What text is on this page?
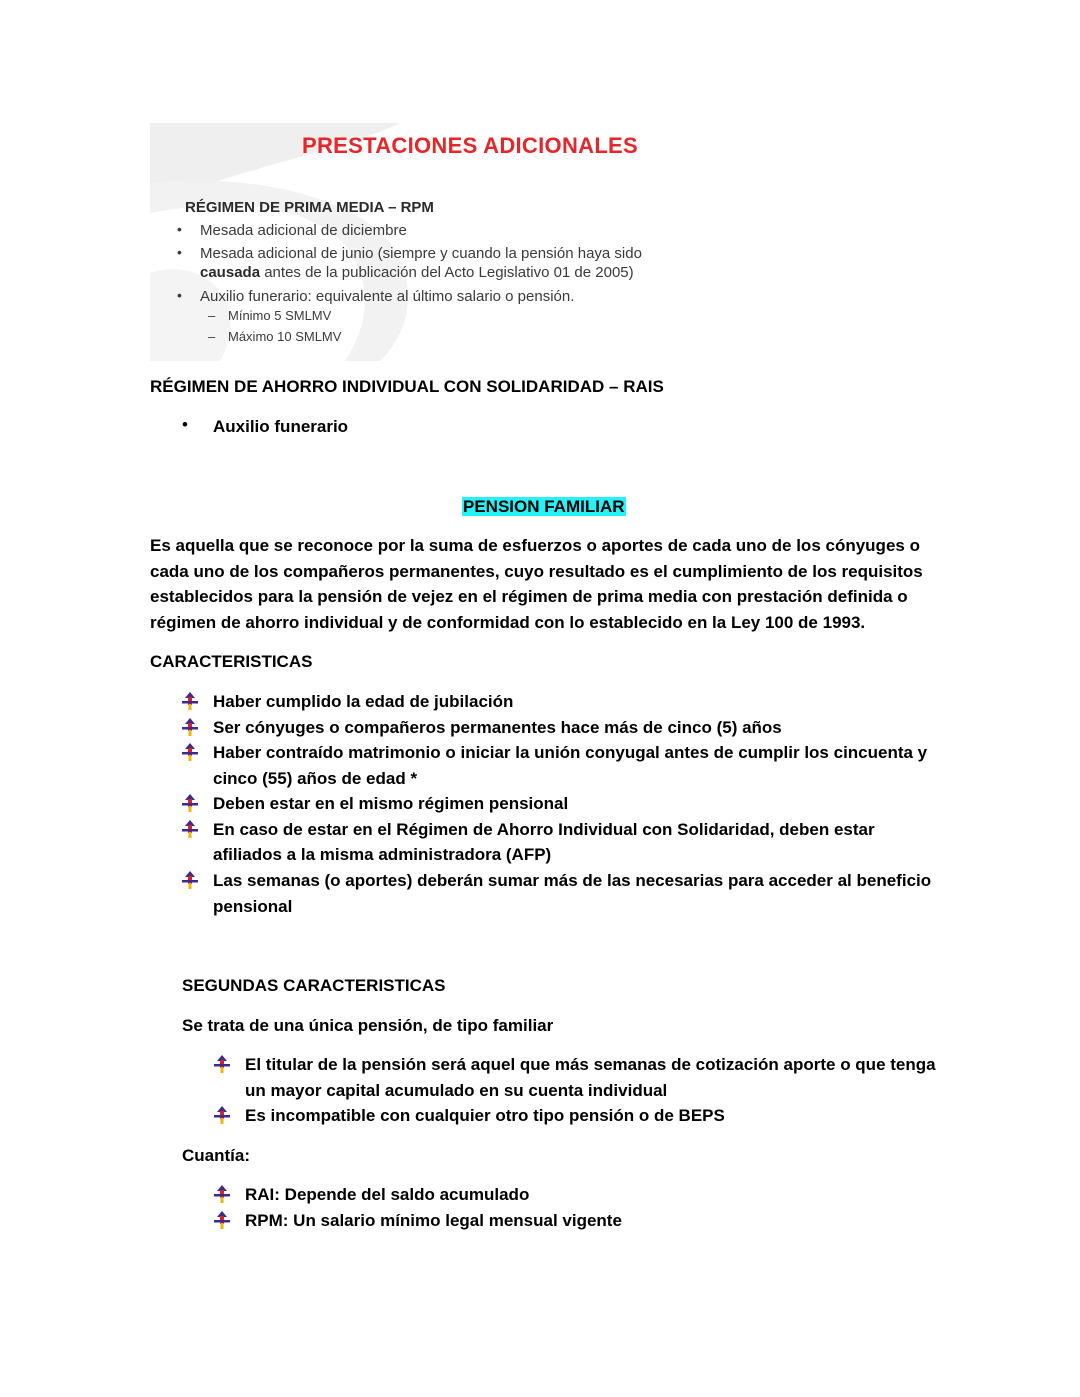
PRESTACIONES ADICIONALES
RÉGIMEN DE PRIMA MEDIA – RPM
• Mesada adicional de diciembre
• Mesada adicional de junio (siempre y cuando la pensión haya sido
causada antes de la publicación del Acto Legislativo 01 de 2005)
• Auxilio funerario: equivalente al último salario o pensión.
– Mínimo 5 SMLMV
– Máximo 10 SMLMV
RÉGIMEN DE AHORRO INDIVIDUAL CON SOLIDARIDAD – RAIS
• Auxilio funerario
PENSION FAMILIAR
Es aquella que se reconoce por la suma de esfuerzos o aportes de cada uno de los cónyuges o
cada uno de los compañeros permanentes, cuyo resultado es el cumplimiento de los requisitos
establecidos para la pensión de vejez en el régimen de prima media con prestación definida o
régimen de ahorro individual y de conformidad con lo establecido en la Ley 100 de 1993.
CARACTERISTICAS
Haber cumplido la edad de jubilación
Ser cónyuges o compañeros permanentes hace más de cinco (5) años
Haber contraído matrimonio o iniciar la unión conyugal antes de cumplir los cincuenta y
cinco (55) años de edad *
Deben estar en el mismo régimen pensional
En caso de estar en el Régimen de Ahorro Individual con Solidaridad, deben estar
afiliados a la misma administradora (AFP)
Las semanas (o aportes) deberán sumar más de las necesarias para acceder al beneficio
pensional
SEGUNDAS CARACTERISTICAS
Se trata de una única pensión, de tipo familiar
El titular de la pensión será aquel que más semanas de cotización aporte o que tenga
un mayor capital acumulado en su cuenta individual
Es incompatible con cualquier otro tipo pensión o de BEPS
Cuantía:
RAI: Depende del saldo acumulado
RPM: Un salario mínimo legal mensual vigente
